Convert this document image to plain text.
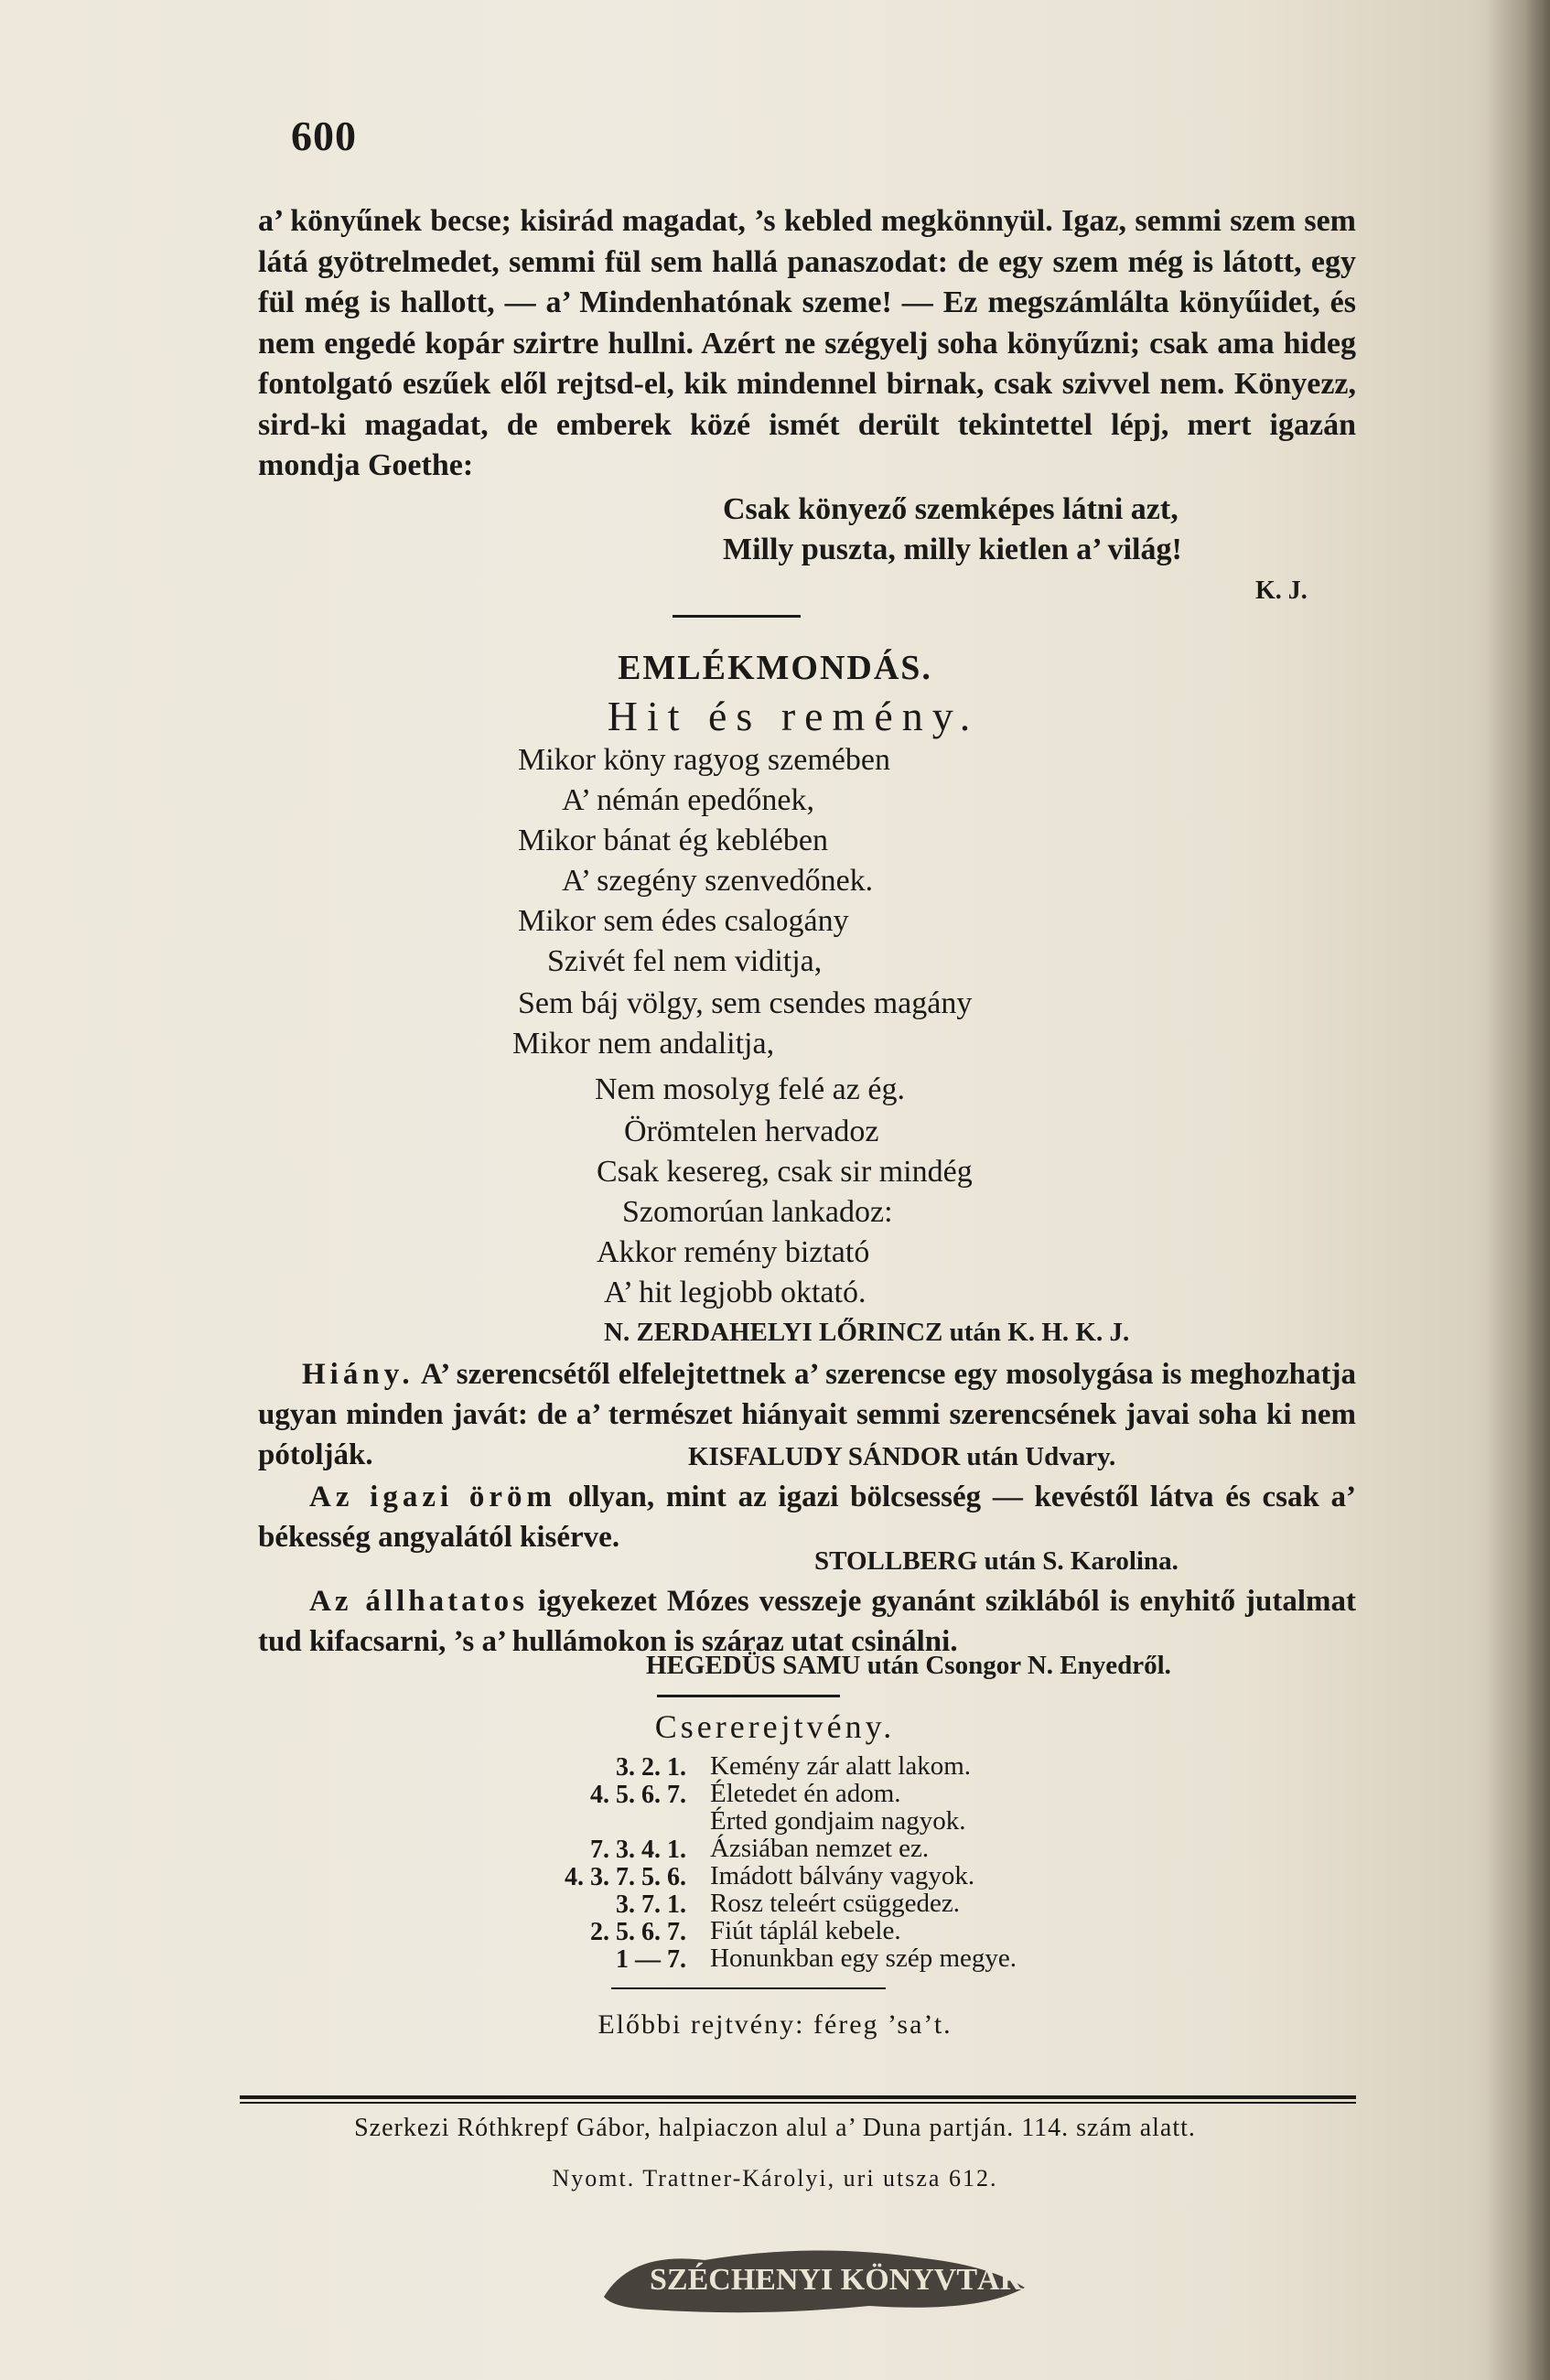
600

a’ könyűnek becse; kisirád magadat, ’s kebled megkönnyül. Igaz, semmi szem sem látá gyötrelmedet, semmi fül sem hallá panaszodat: de egy szem még is látott, egy fül még is hallott, — a’ Mindenhatónak szeme! — Ez megszámlálta könyűidet, és nem engedé kopár szirtre hullni. Azért ne szégyelj soha könyűzni; csak ama hideg fontolgató eszűek elől rejtsd-el, kik mindennel birnak, csak szivvel nem. Könyezz, sird-ki magadat, de emberek közé ismét derült tekintettel lépj, mert igazán mondja Goethe:

Csak könyező szemképes látni azt,
Milly puszta, milly kietlen a’ világ!
K. J.
EMLÉKMONDÁS.
Hit és remény.
Mikor köny ragyog szemében
A’ némán epedőnek,
Mikor bánat ég keblében
A’ szegény szenvedőnek.
Mikor sem édes csalogány
Szivét fel nem viditja,
Sem báj völgy, sem csendes magány
Mikor nem andalitja,
Nem mosolyg felé az ég.
Örömtelen hervadoz
Csak kesereg, csak sir mindég
Szomorúan lankadoz:
Akkor remény biztató
A’ hit legjobb oktató.
N. ZERDAHELYI LŐRINCZ után K. H. K. J.
Hiány. A’ szerencsétől elfelejtettnek a’ szerencse egy mosolygása is meghozhatja ugyan minden javát: de a’ természet hiányait semmi szerencsének javai soha ki nem pótolják.	KISFALUDY SÁNDOR után Udvary.
Az igazi öröm ollyan, mint az igazi bölcsesség — kevéstől látva és csak a’ békesség angyalától kisérve.
STOLLBERG után S. Karolina.
Az állhatatos igyekezet Mózes vesszeje gyanánt sziklából is enyhitő jutalmat tud kifacsarni, ’s a’ hullámokon is száraz utat csinálni.
HEGEDÜS SAMU után Csongor N. Enyedről.
Csererejtvény.
3. 2. 1. Kemény zár alatt lakom.
4. 5. 6. 7. Életedet én adom.
Érted gondjaim nagyok.
7. 3. 4. 1. Ázsiában nemzet ez.
4. 3. 7. 5. 6. Imádott bálvány vagyok.
3. 7. 1. Rosz teleért csüggedez.
2. 5. 6. 7. Fiút táplál kebele.
1 — 7. Honunkban egy szép megye.
Előbbi rejtvény: féreg ’sa’t.
Szerkezi Róthkrepf Gábor, halpiaczon alul a’ Duna partján. 114. szám alatt.
Nyomt. Trattner-Károlyi, uri utsza 612.
SZÉCHENYI KÖNYVTÁR
